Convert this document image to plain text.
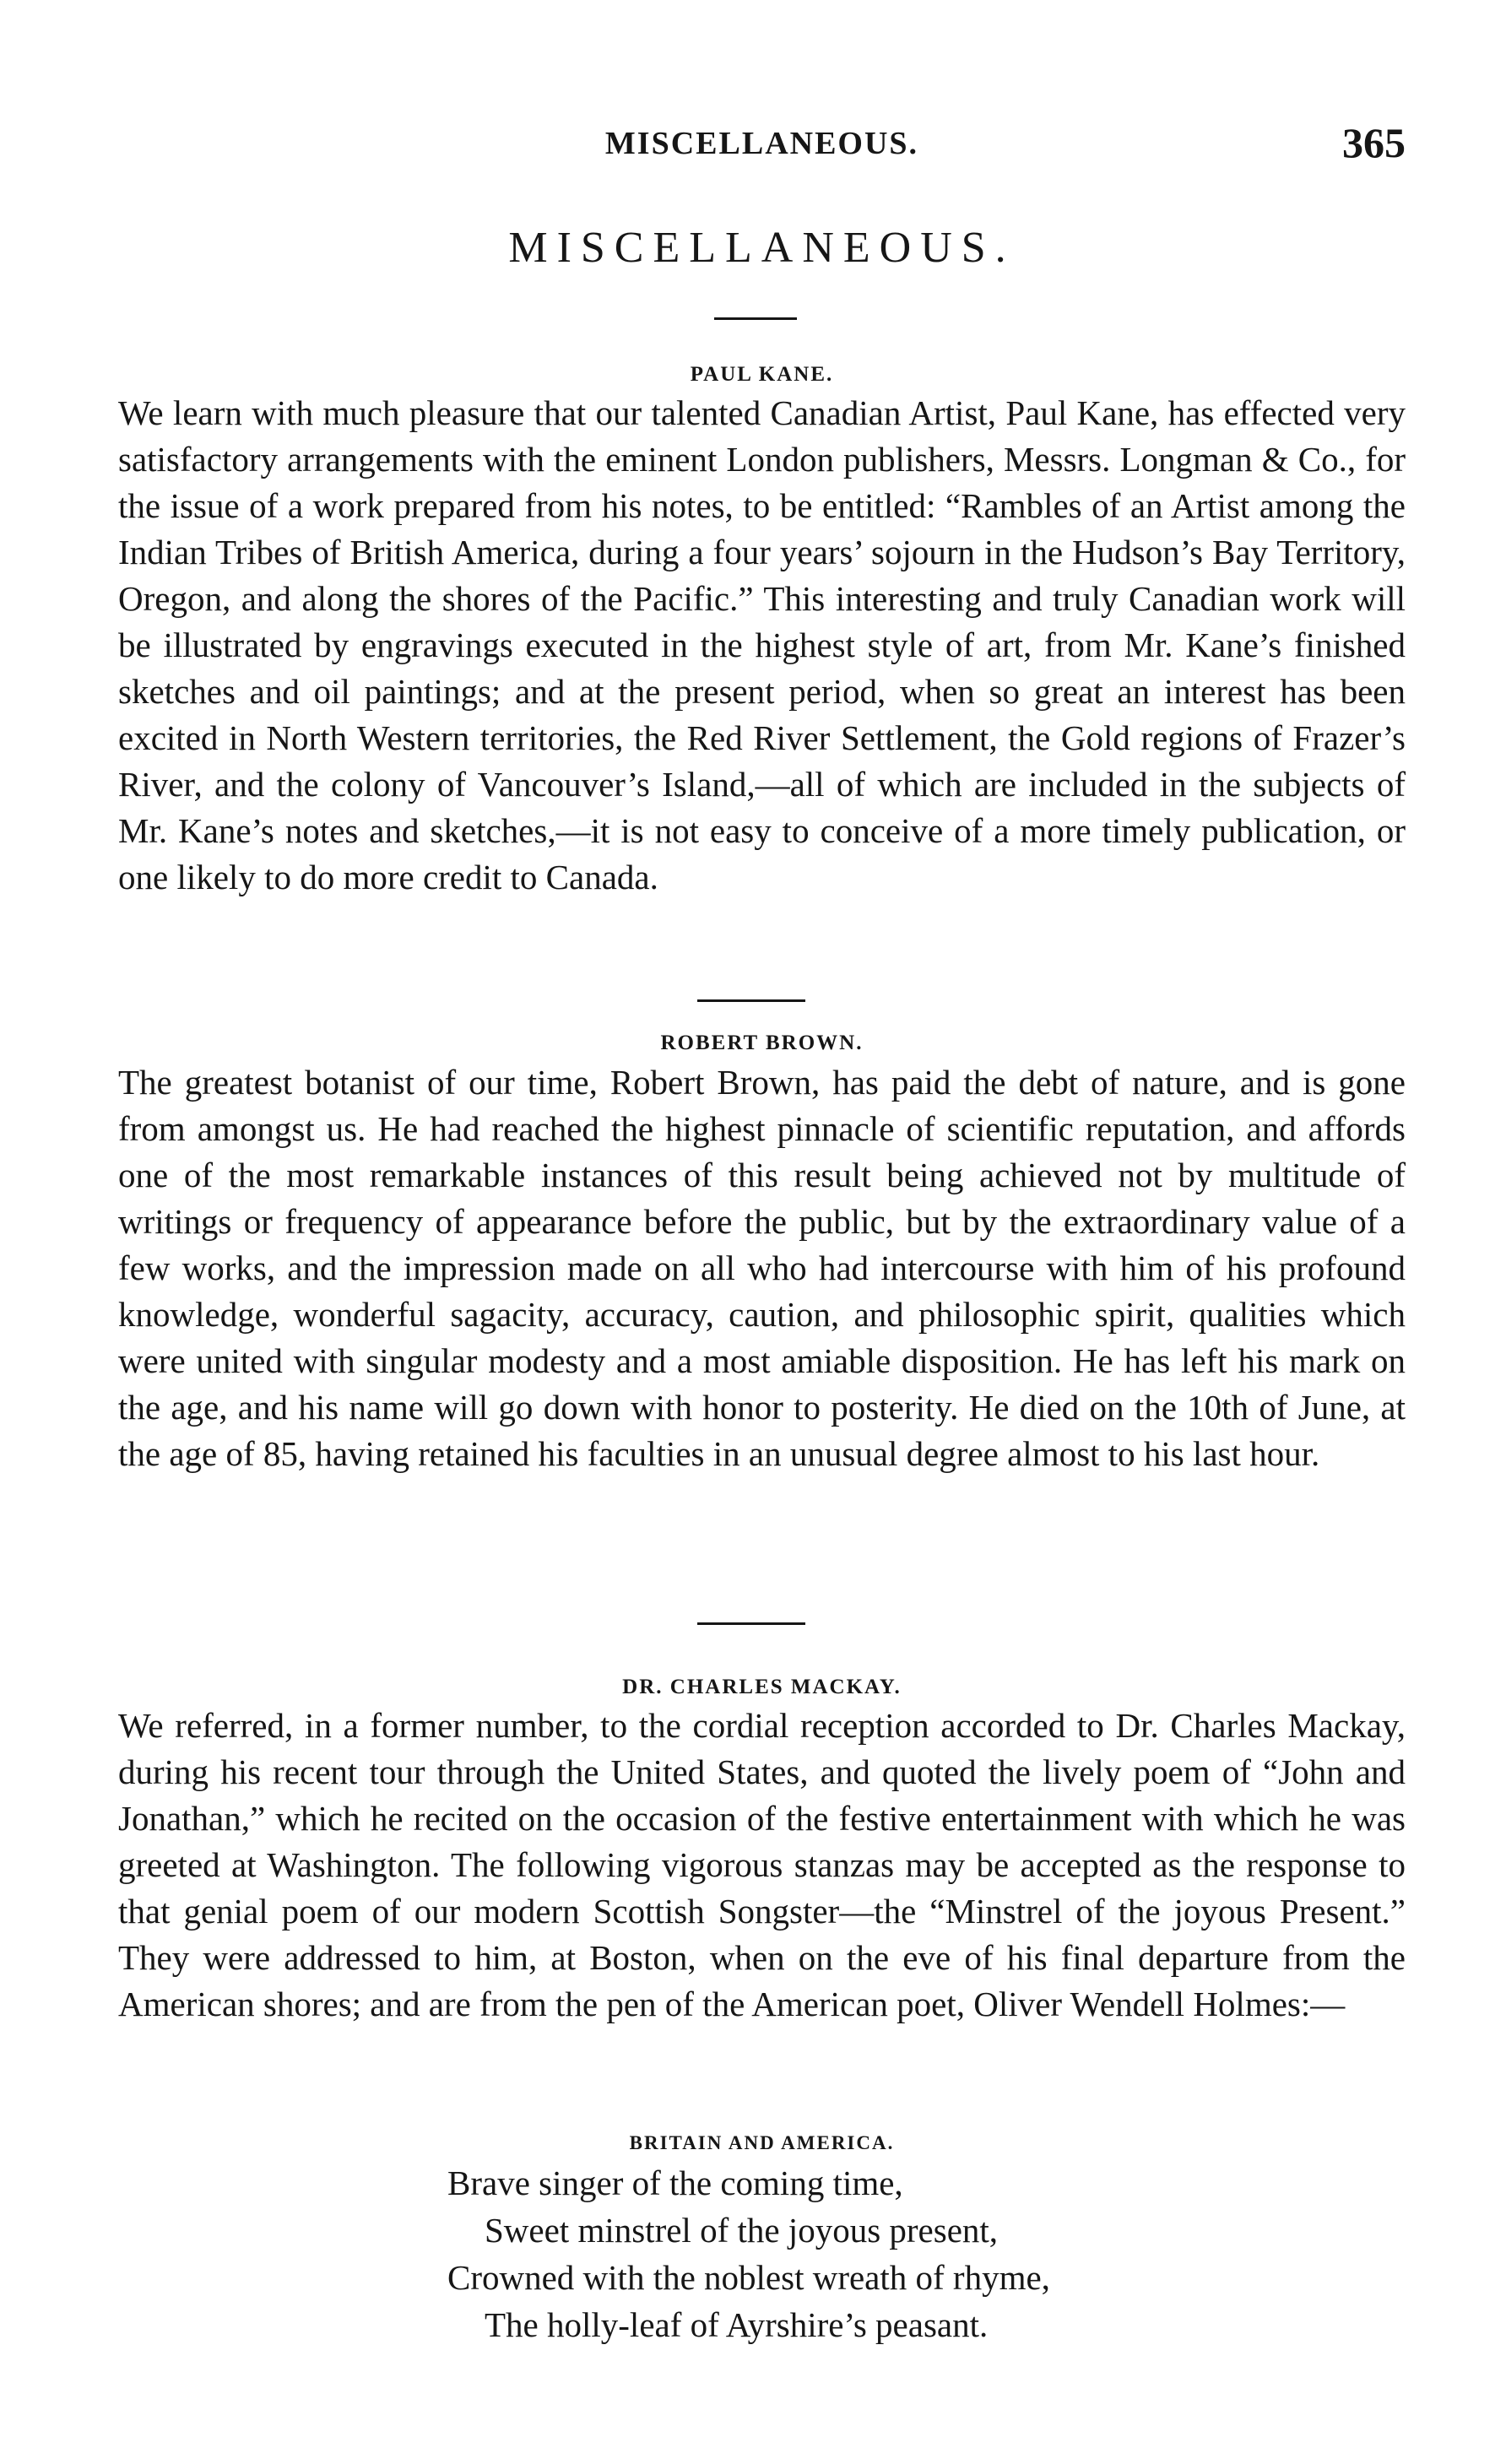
MISCELLANEOUS.	365
MISCELLANEOUS.
PAUL KANE.

We learn with much pleasure that our talented Canadian Artist, Paul Kane, has effected very satisfactory arrangements with the eminent London publishers, Messrs. Longman & Co., for the issue of a work prepared from his notes, to be entitled: “Rambles of an Artist among the Indian Tribes of British America, during a four years’ sojourn in the Hudson’s Bay Territory, Oregon, and along the shores of the Pacific.” This interesting and truly Canadian work will be illustrated by engravings executed in the highest style of art, from Mr. Kane’s finished sketches and oil paintings; and at the present period, when so great an interest has been excited in North Western territories, the Red River Settlement, the Gold regions of Frazer’s River, and the colony of Vancouver’s Island,—all of which are included in the subjects of Mr. Kane’s notes and sketches,—it is not easy to conceive of a more timely publication, or one likely to do more credit to Canada.

ROBERT BROWN.

The greatest botanist of our time, Robert Brown, has paid the debt of nature, and is gone from amongst us. He had reached the highest pinnacle of scientific reputation, and affords one of the most remarkable instances of this result being achieved not by multitude of writings or frequency of appearance before the public, but by the extraordinary value of a few works, and the impression made on all who had intercourse with him of his profound knowledge, wonderful sagacity, accuracy, caution, and philosophic spirit, qualities which were united with singular modesty and a most amiable disposition. He has left his mark on the age, and his name will go down with honor to posterity. He died on the 10th of June, at the age of 85, having retained his faculties in an unusual degree almost to his last hour.

DR. CHARLES MACKAY.

We referred, in a former number, to the cordial reception accorded to Dr. Charles Mackay, during his recent tour through the United States, and quoted the lively poem of “John and Jonathan,” which he recited on the occasion of the festive entertainment with which he was greeted at Washington. The following vigorous stanzas may be accepted as the response to that genial poem of our modern Scottish Songster—the “Minstrel of the joyous Present.” They were addressed to him, at Boston, when on the eve of his final departure from the American shores; and are from the pen of the American poet, Oliver Wendell Holmes:—

BRITAIN AND AMERICA.
Brave singer of the coming time,
Sweet minstrel of the joyous present,
Crowned with the noblest wreath of rhyme,
The holly-leaf of Ayrshire’s peasant.
